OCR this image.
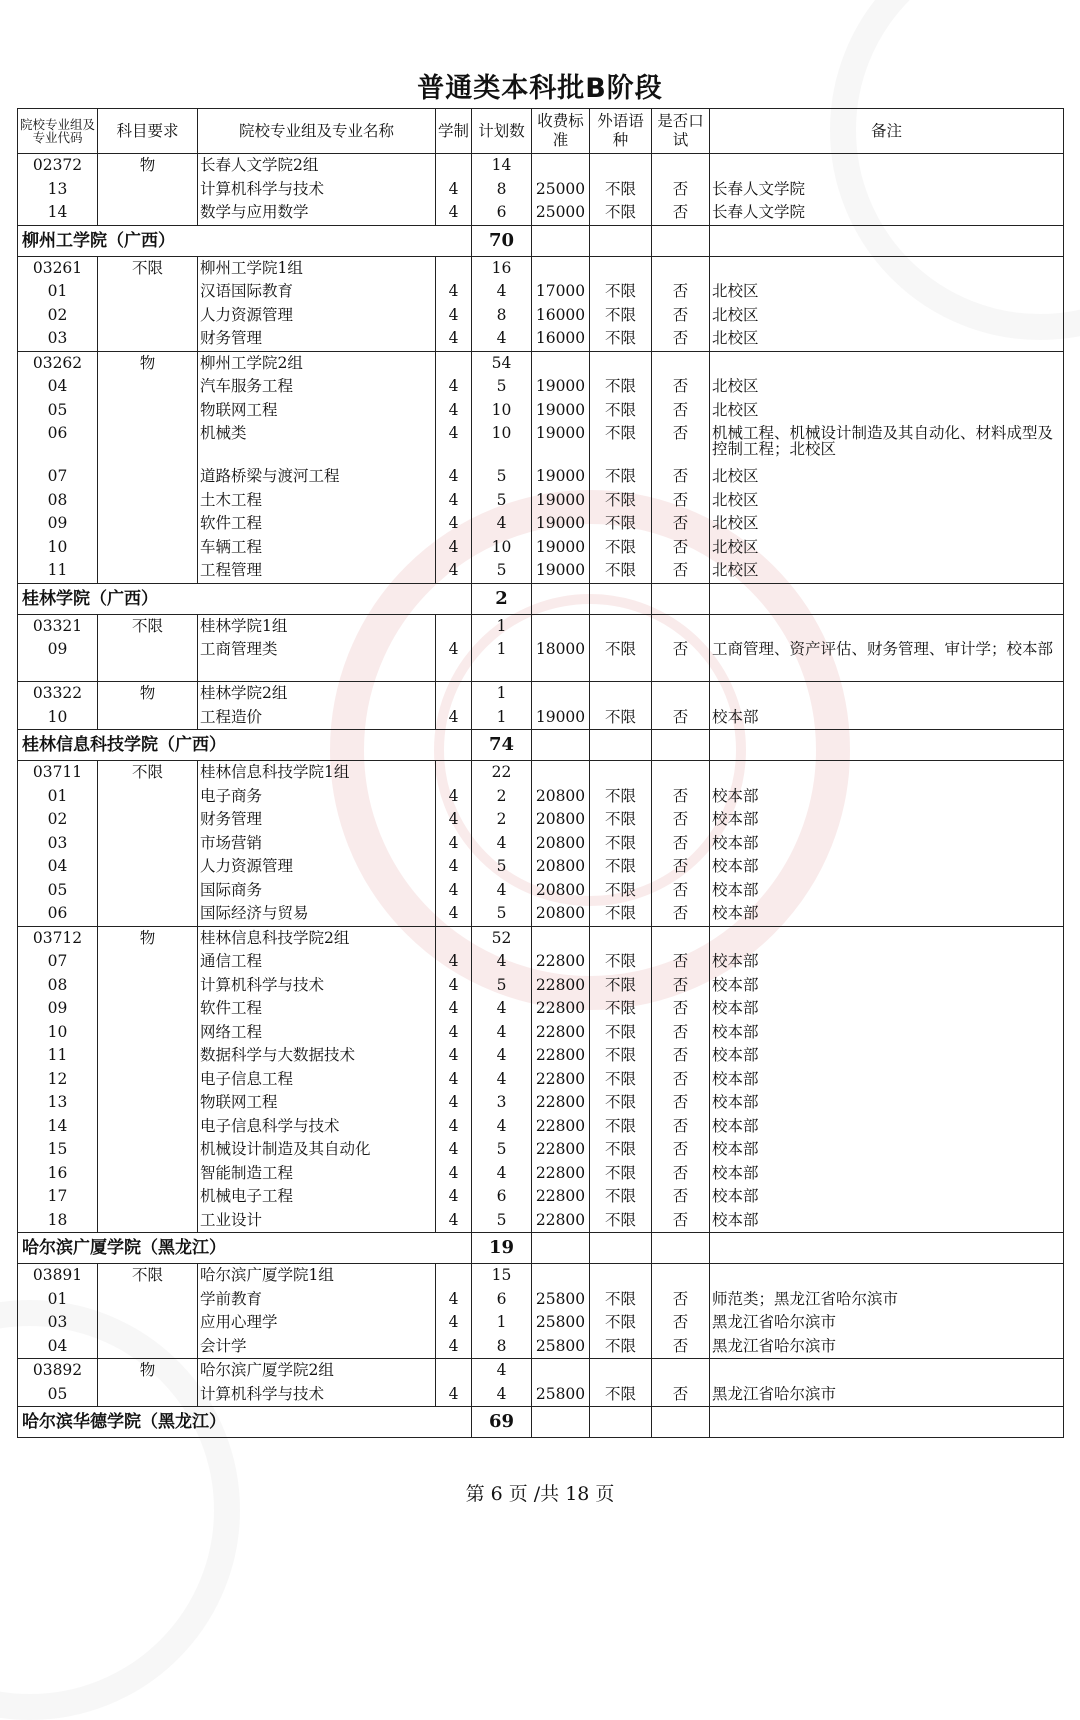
普通类本科批B阶段
院校专业组及专业代码	科目要求	院校专业组及专业名称	学制	计划数	收费标准	外语语种	是否口试	备注
02372	物	长春人文学院2组		14				
13		计算机科学与技术	4	8	25000	不限	否	长春人文学院
14		数学与应用数学	4	6	25000	不限	否	长春人文学院
柳州工学院（广西）				70				
03261	不限	柳州工学院1组		16				
01		汉语国际教育	4	4	17000	不限	否	北校区
02		人力资源管理	4	8	16000	不限	否	北校区
03		财务管理	4	4	16000	不限	否	北校区
03262	物	柳州工学院2组		54				
04		汽车服务工程	4	5	19000	不限	否	北校区
05		物联网工程	4	10	19000	不限	否	北校区
06		机械类	4	10	19000	不限	否	机械工程、机械设计制造及其自动化、材料成型及控制工程；北校区
07		道路桥梁与渡河工程	4	5	19000	不限	否	北校区
08		土木工程	4	5	19000	不限	否	北校区
09		软件工程	4	4	19000	不限	否	北校区
10		车辆工程	4	10	19000	不限	否	北校区
11		工程管理	4	5	19000	不限	否	北校区
桂林学院（广西）				2				
03321	不限	桂林学院1组		1				
09		工商管理类	4	1	18000	不限	否	工商管理、资产评估、财务管理、审计学；校本部
03322	物	桂林学院2组		1				
10		工程造价	4	1	19000	不限	否	校本部
桂林信息科技学院（广西）				74				
03711	不限	桂林信息科技学院1组		22				
01		电子商务	4	2	20800	不限	否	校本部
02		财务管理	4	2	20800	不限	否	校本部
03		市场营销	4	4	20800	不限	否	校本部
04		人力资源管理	4	5	20800	不限	否	校本部
05		国际商务	4	4	20800	不限	否	校本部
06		国际经济与贸易	4	5	20800	不限	否	校本部
03712	物	桂林信息科技学院2组		52				
07		通信工程	4	4	22800	不限	否	校本部
08		计算机科学与技术	4	5	22800	不限	否	校本部
09		软件工程	4	4	22800	不限	否	校本部
10		网络工程	4	4	22800	不限	否	校本部
11		数据科学与大数据技术	4	4	22800	不限	否	校本部
12		电子信息工程	4	4	22800	不限	否	校本部
13		物联网工程	4	3	22800	不限	否	校本部
14		电子信息科学与技术	4	4	22800	不限	否	校本部
15		机械设计制造及其自动化	4	5	22800	不限	否	校本部
16		智能制造工程	4	4	22800	不限	否	校本部
17		机械电子工程	4	6	22800	不限	否	校本部
18		工业设计	4	5	22800	不限	否	校本部
哈尔滨广厦学院（黑龙江）				19				
03891	不限	哈尔滨广厦学院1组		15				
01		学前教育	4	6	25800	不限	否	师范类；黑龙江省哈尔滨市
03		应用心理学	4	1	25800	不限	否	黑龙江省哈尔滨市
04		会计学	4	8	25800	不限	否	黑龙江省哈尔滨市
03892	物	哈尔滨广厦学院2组		4				
05		计算机科学与技术	4	4	25800	不限	否	黑龙江省哈尔滨市
哈尔滨华德学院（黑龙江）				69				
第 6 页 /共 18 页
